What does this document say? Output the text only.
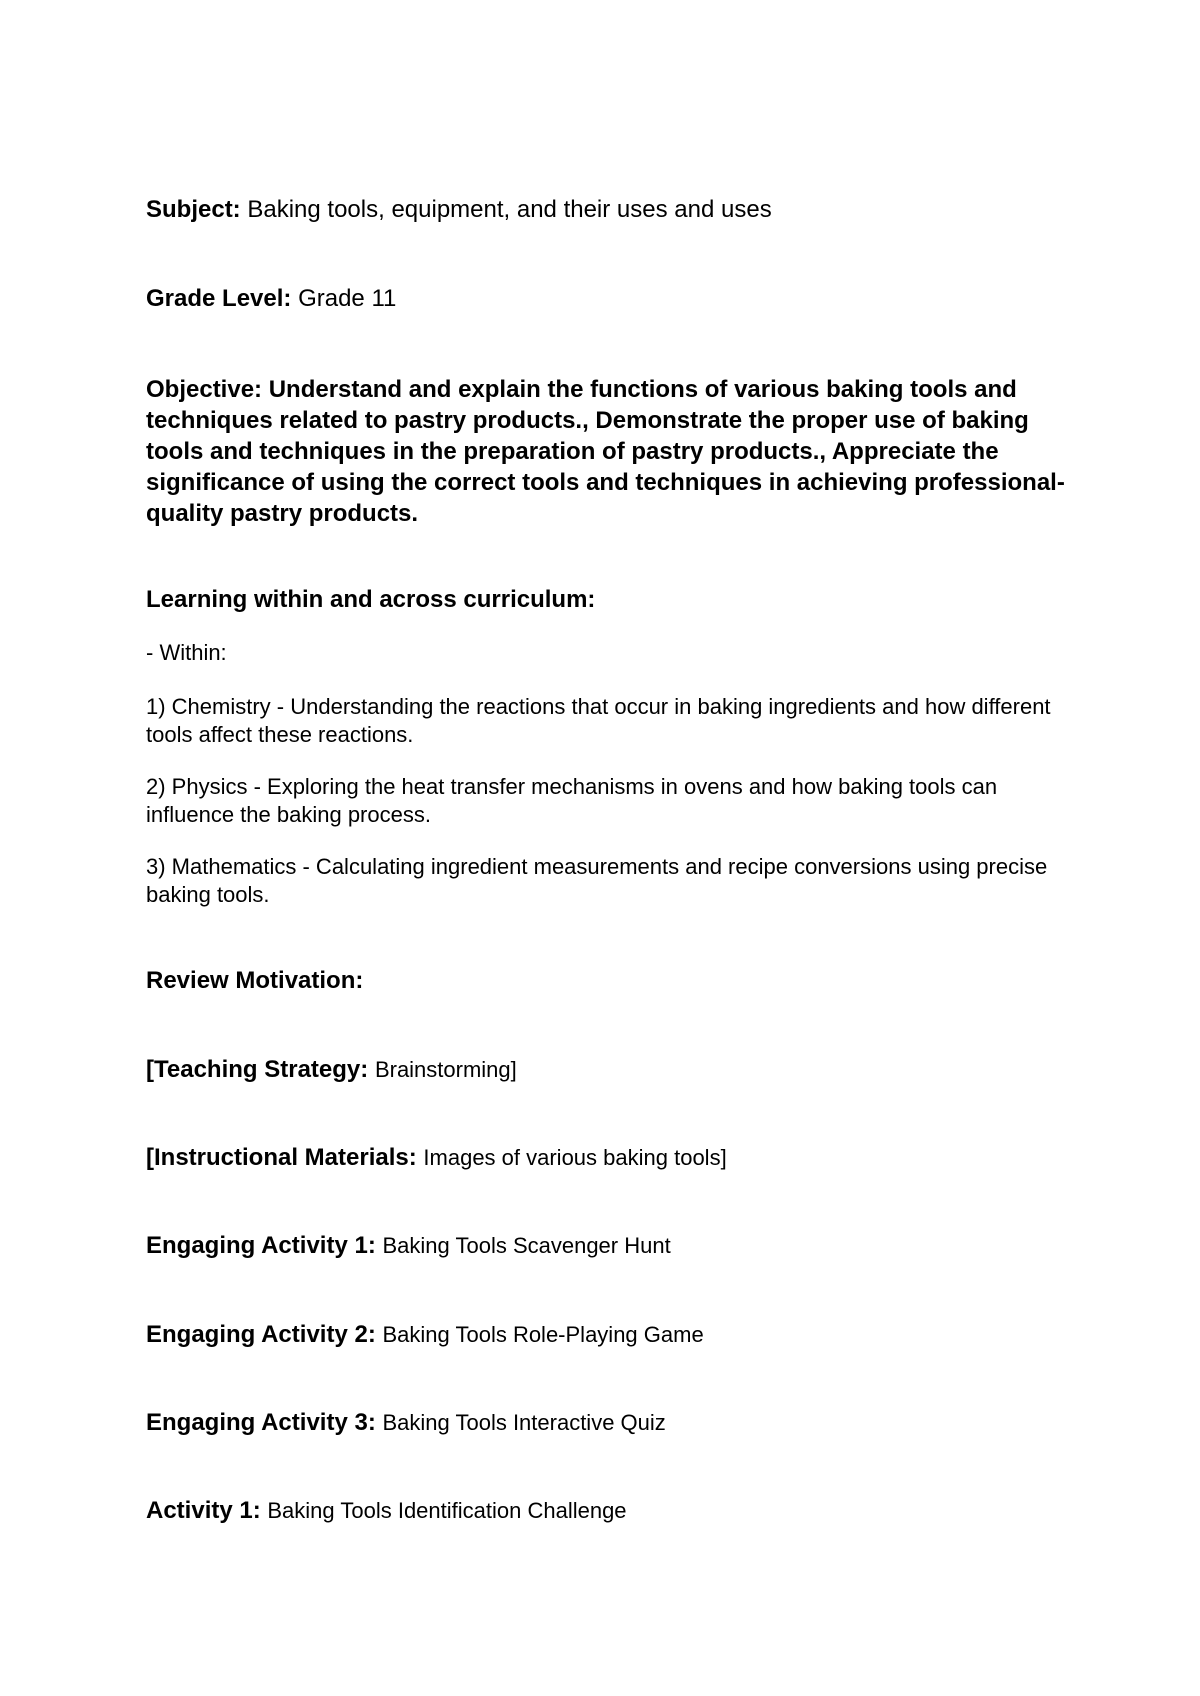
Subject: Baking tools, equipment, and their uses and uses

Grade Level: Grade 11

Objective: Understand and explain the functions of various baking tools and techniques related to pastry products., Demonstrate the proper use of baking tools and techniques in the preparation of pastry products., Appreciate the significance of using the correct tools and techniques in achieving professional-quality pastry products.

Learning within and across curriculum:

- Within:

1) Chemistry - Understanding the reactions that occur in baking ingredients and how different tools affect these reactions.

2) Physics - Exploring the heat transfer mechanisms in ovens and how baking tools can influence the baking process.

3) Mathematics - Calculating ingredient measurements and recipe conversions using precise baking tools.

Review Motivation:

[Teaching Strategy: Brainstorming]

[Instructional Materials: Images of various baking tools]

Engaging Activity 1: Baking Tools Scavenger Hunt

Engaging Activity 2: Baking Tools Role-Playing Game

Engaging Activity 3: Baking Tools Interactive Quiz

Activity 1: Baking Tools Identification Challenge
